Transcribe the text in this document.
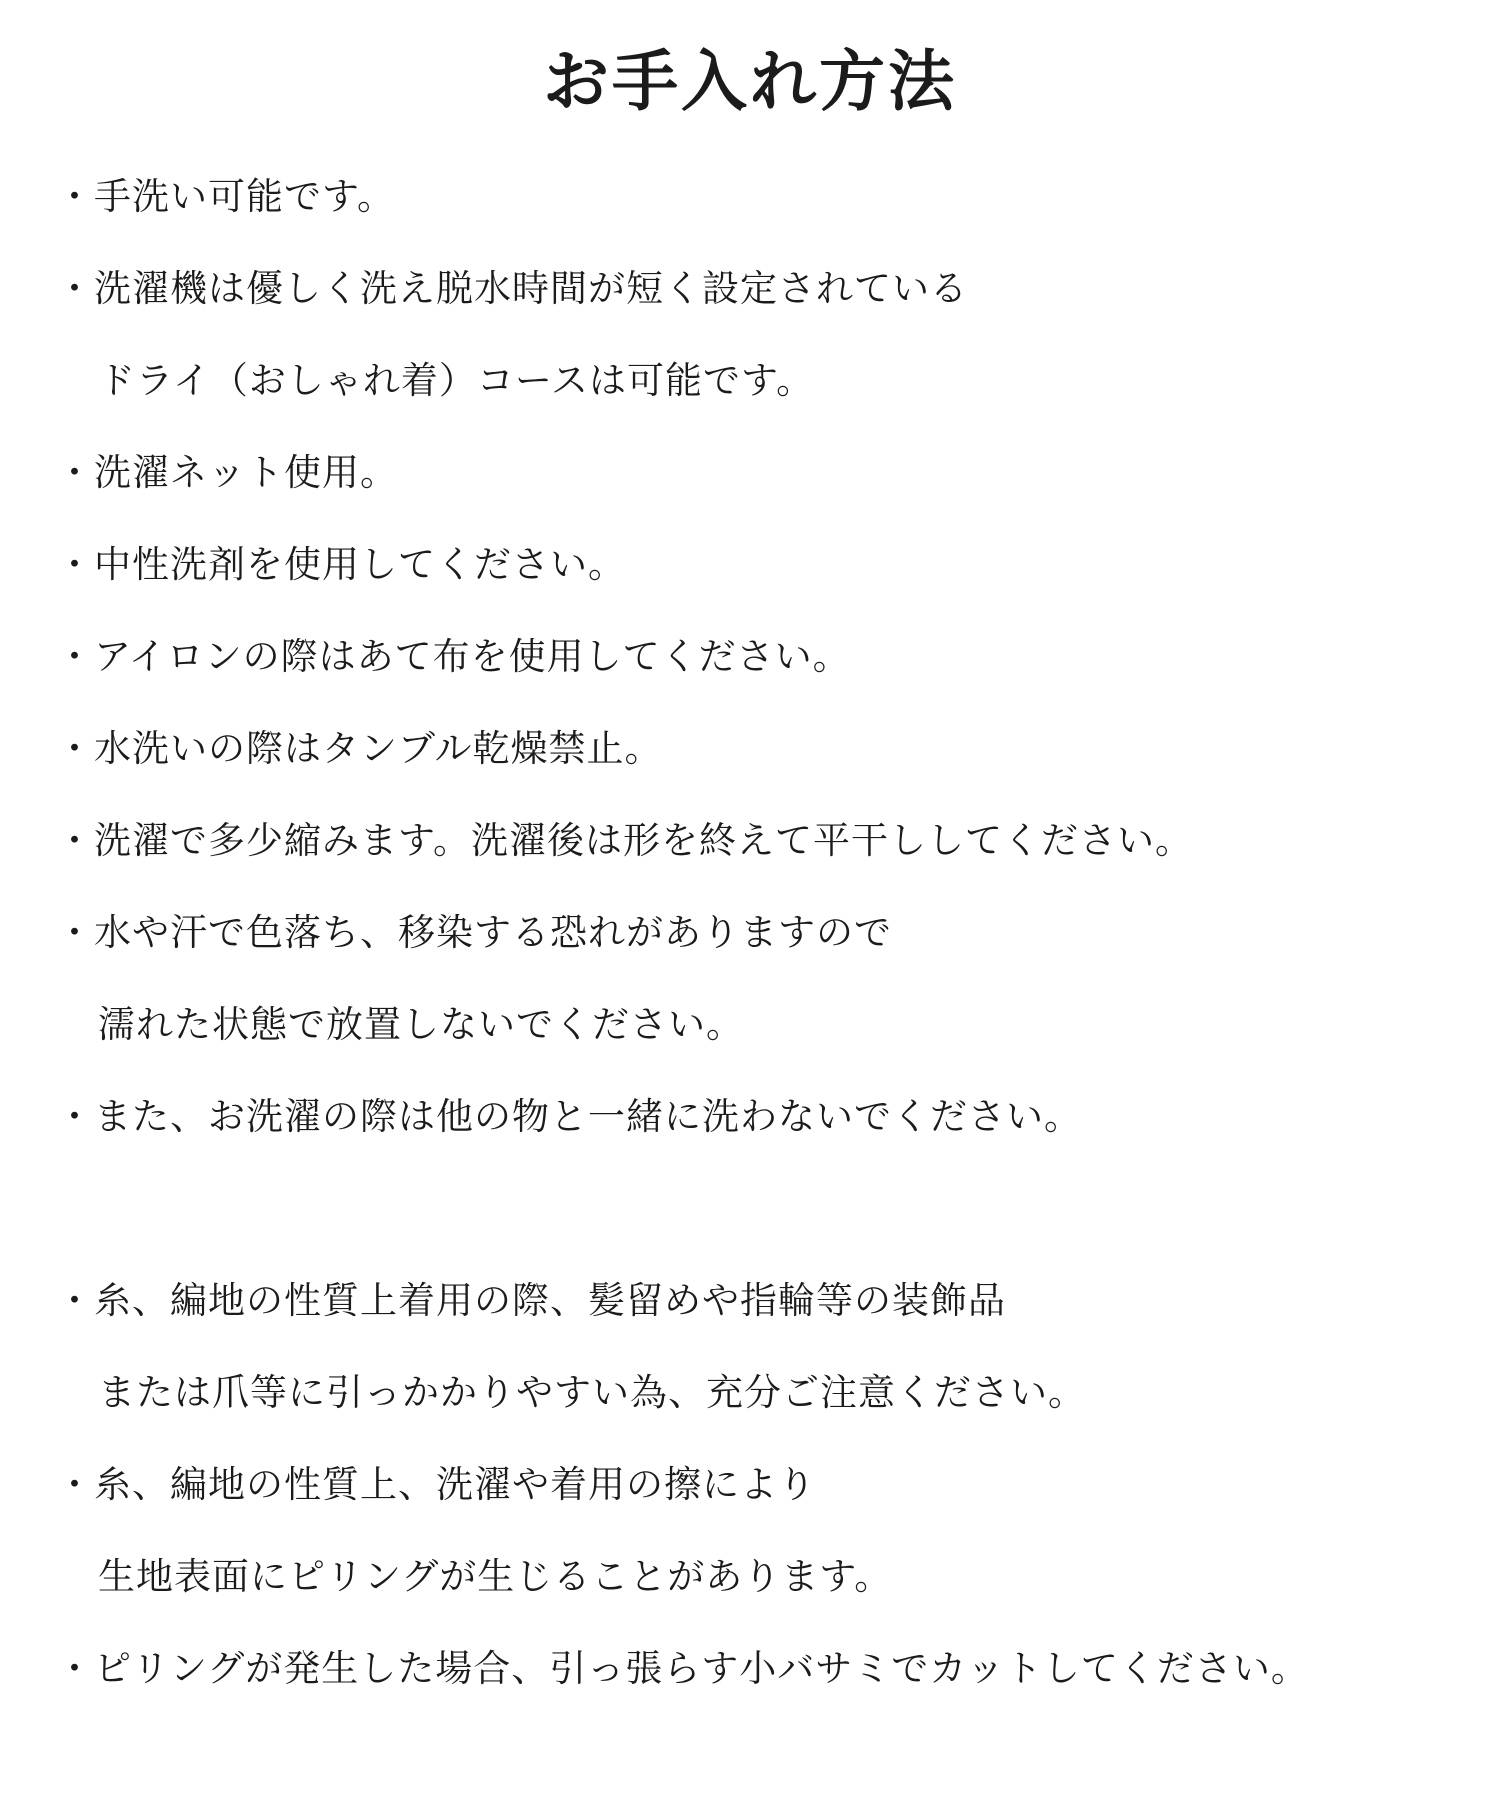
お手入れ方法
・手洗い可能です。
・洗濯機は優しく洗え脱水時間が短く設定されている
ドライ（おしゃれ着）コースは可能です。
・洗濯ネット使用。
・中性洗剤を使用してください。
・アイロンの際はあて布を使用してください。
・水洗いの際はタンブル乾燥禁止。
・洗濯で多少縮みます。洗濯後は形を終えて平干ししてください。
・水や汗で色落ち、移染する恐れがありますので
濡れた状態で放置しないでください。
・また、お洗濯の際は他の物と一緒に洗わないでください。
・糸、編地の性質上着用の際、髪留めや指輪等の装飾品
または爪等に引っかかりやすい為、充分ご注意ください。
・糸、編地の性質上、洗濯や着用の擦により
生地表面にピリングが生じることがあります。
・ピリングが発生した場合、引っ張らす小バサミでカットしてください。
